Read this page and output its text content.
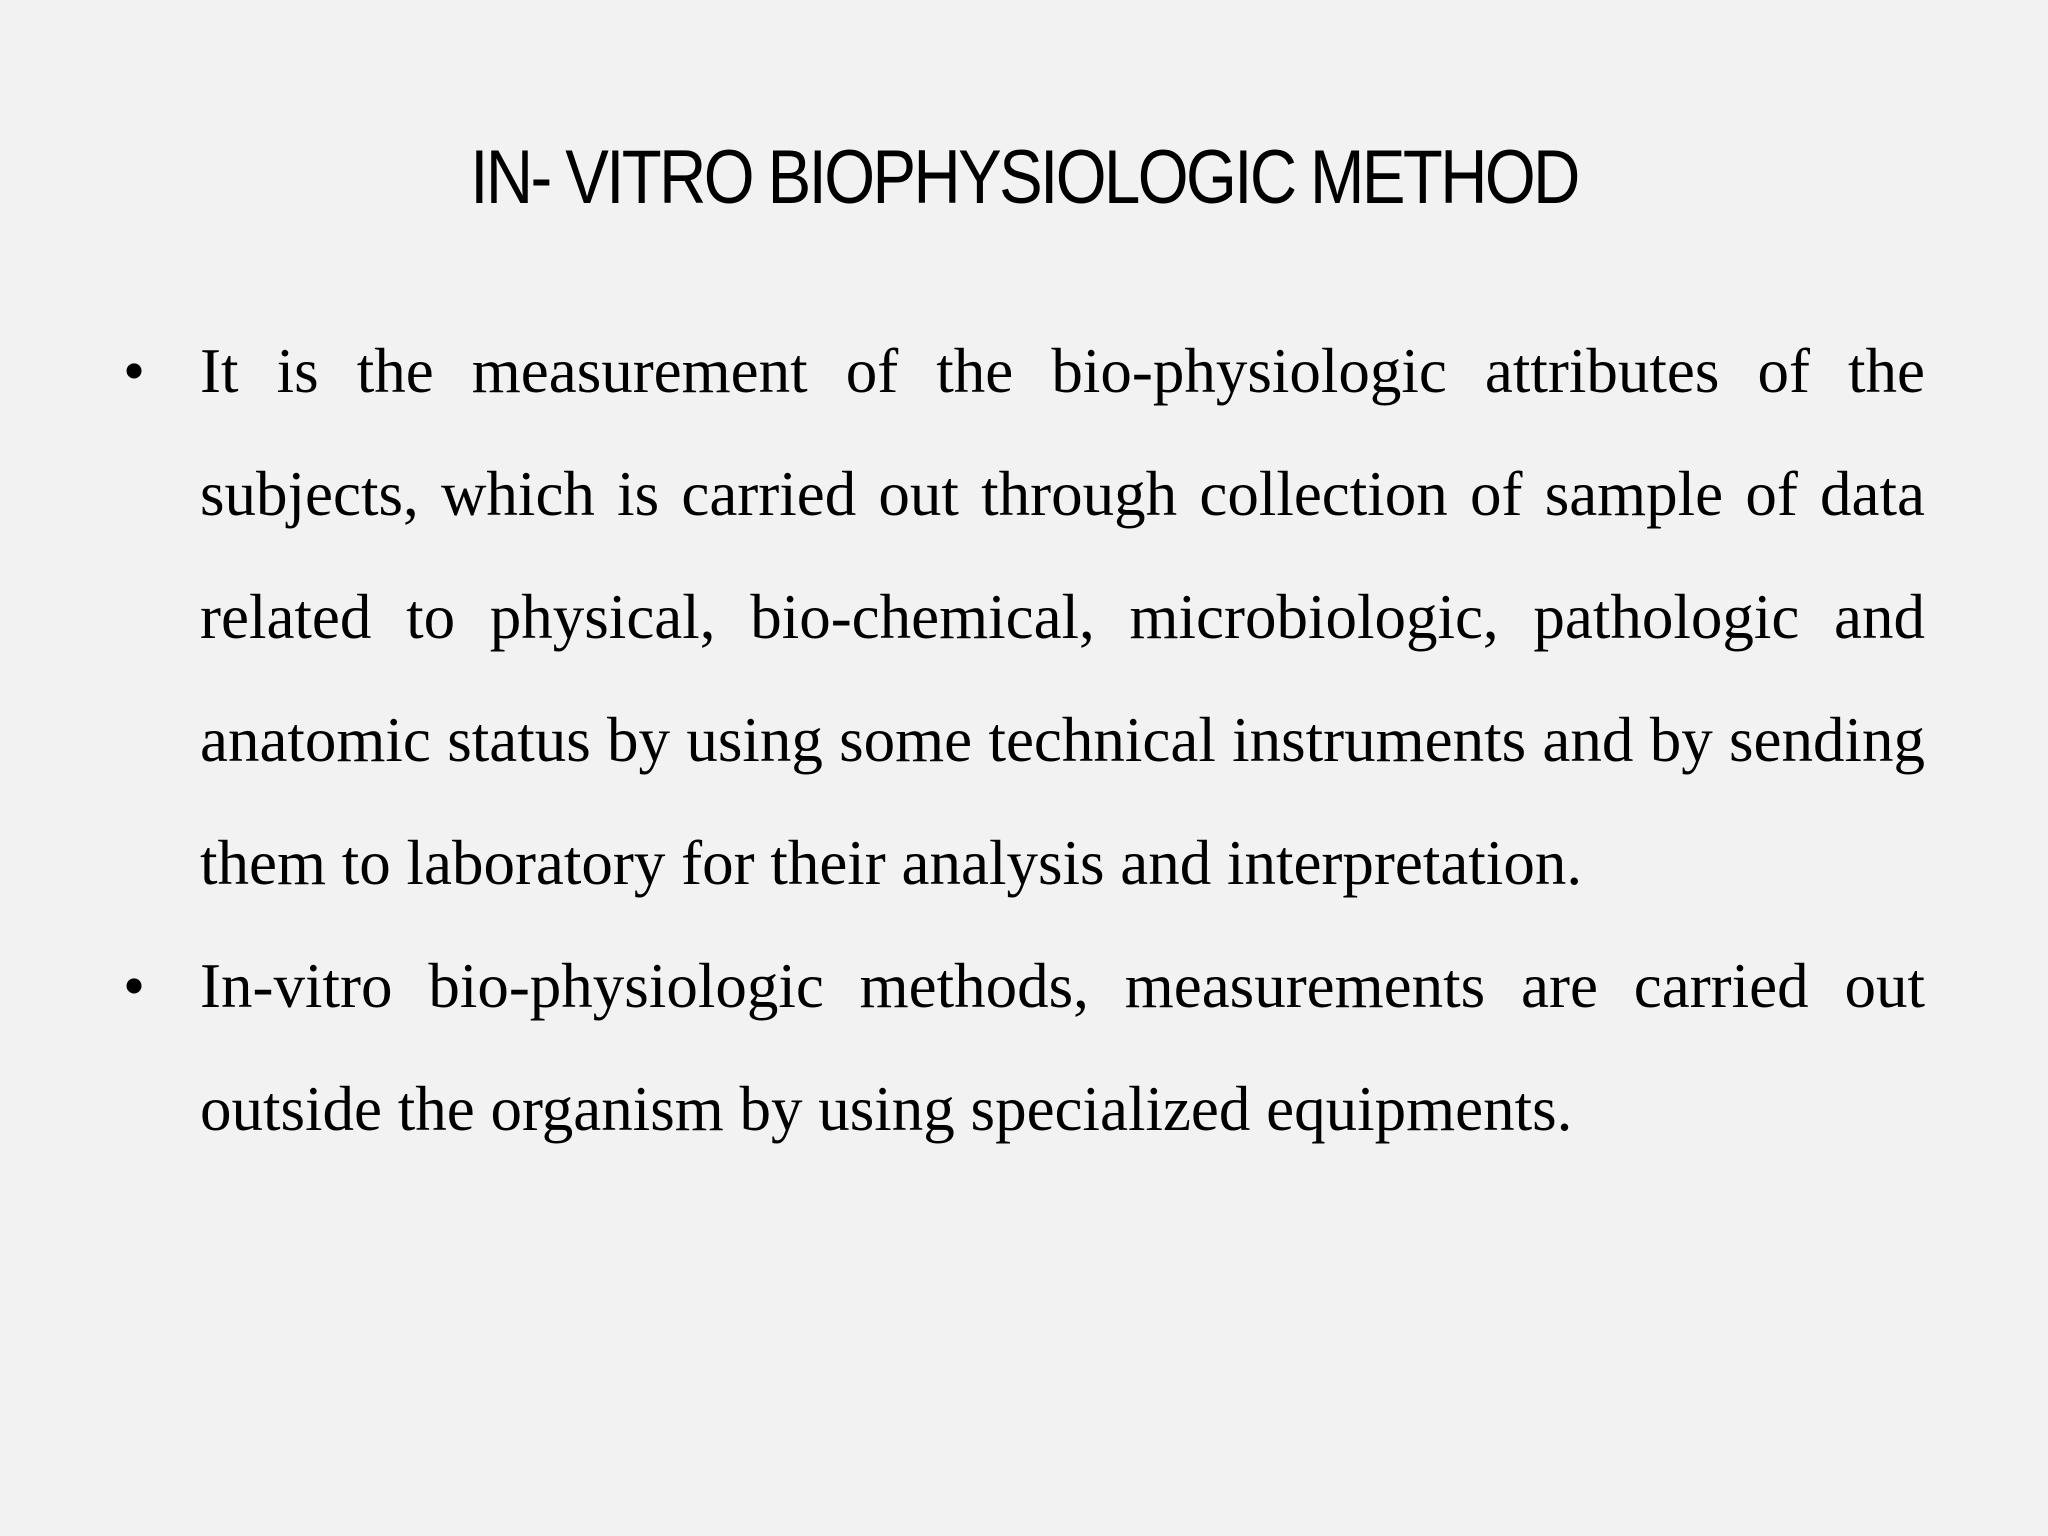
IN- VITRO BIOPHYSIOLOGIC METHOD
• It is the measurement of the bio-physiologic attributes of the subjects, which is carried out through collection of sample of data related to physical, bio-chemical, microbiologic, pathologic and anatomic status by using some technical instruments and by sending them to laboratory for their analysis and interpretation.
• In-vitro bio-physiologic methods, measurements are carried out outside the organism by using specialized equipments.
